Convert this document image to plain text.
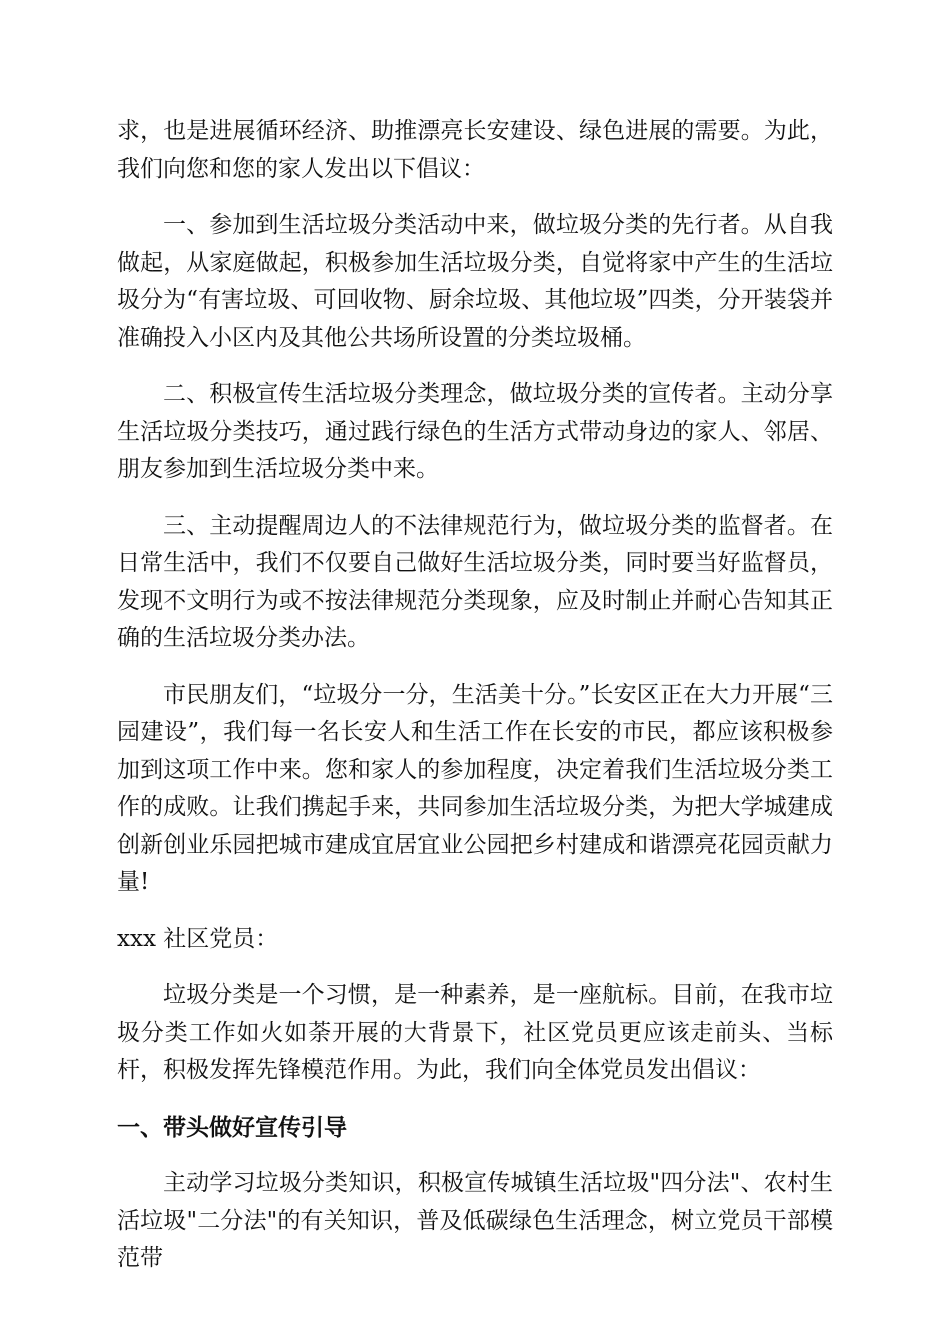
求，也是进展循环经济、助推漂亮长安建设、绿色进展的需要。为此，我们向您和您的家人发出以下倡议：

一、参加到生活垃圾分类活动中来，做垃圾分类的先行者。从自我做起，从家庭做起，积极参加生活垃圾分类，自觉将家中产生的生活垃圾分为“有害垃圾、可回收物、厨余垃圾、其他垃圾”四类，分开装袋并准确投入小区内及其他公共场所设置的分类垃圾桶。

二、积极宣传生活垃圾分类理念，做垃圾分类的宣传者。主动分享生活垃圾分类技巧，通过践行绿色的生活方式带动身边的家人、邻居、朋友参加到生活垃圾分类中来。

三、主动提醒周边人的不法律规范行为，做垃圾分类的监督者。在日常生活中，我们不仅要自己做好生活垃圾分类，同时要当好监督员，发现不文明行为或不按法律规范分类现象，应及时制止并耐心告知其正确的生活垃圾分类办法。

市民朋友们，“垃圾分一分，生活美十分。”长安区正在大力开展“三园建设”，我们每一名长安人和生活工作在长安的市民，都应该积极参加到这项工作中来。您和家人的参加程度，决定着我们生活垃圾分类工作的成败。让我们携起手来，共同参加生活垃圾分类，为把大学城建成创新创业乐园把城市建成宜居宜业公园把乡村建成和谐漂亮花园贡献力量!

xxx 社区党员：

垃圾分类是一个习惯，是一种素养，是一座航标。目前，在我市垃圾分类工作如火如荼开展的大背景下，社区党员更应该走前头、当标杆，积极发挥先锋模范作用。为此，我们向全体党员发出倡议：

一、带头做好宣传引导

主动学习垃圾分类知识，积极宣传城镇生活垃圾"四分法"、农村生活垃圾"二分法"的有关知识，普及低碳绿色生活理念，树立党员干部模范带
